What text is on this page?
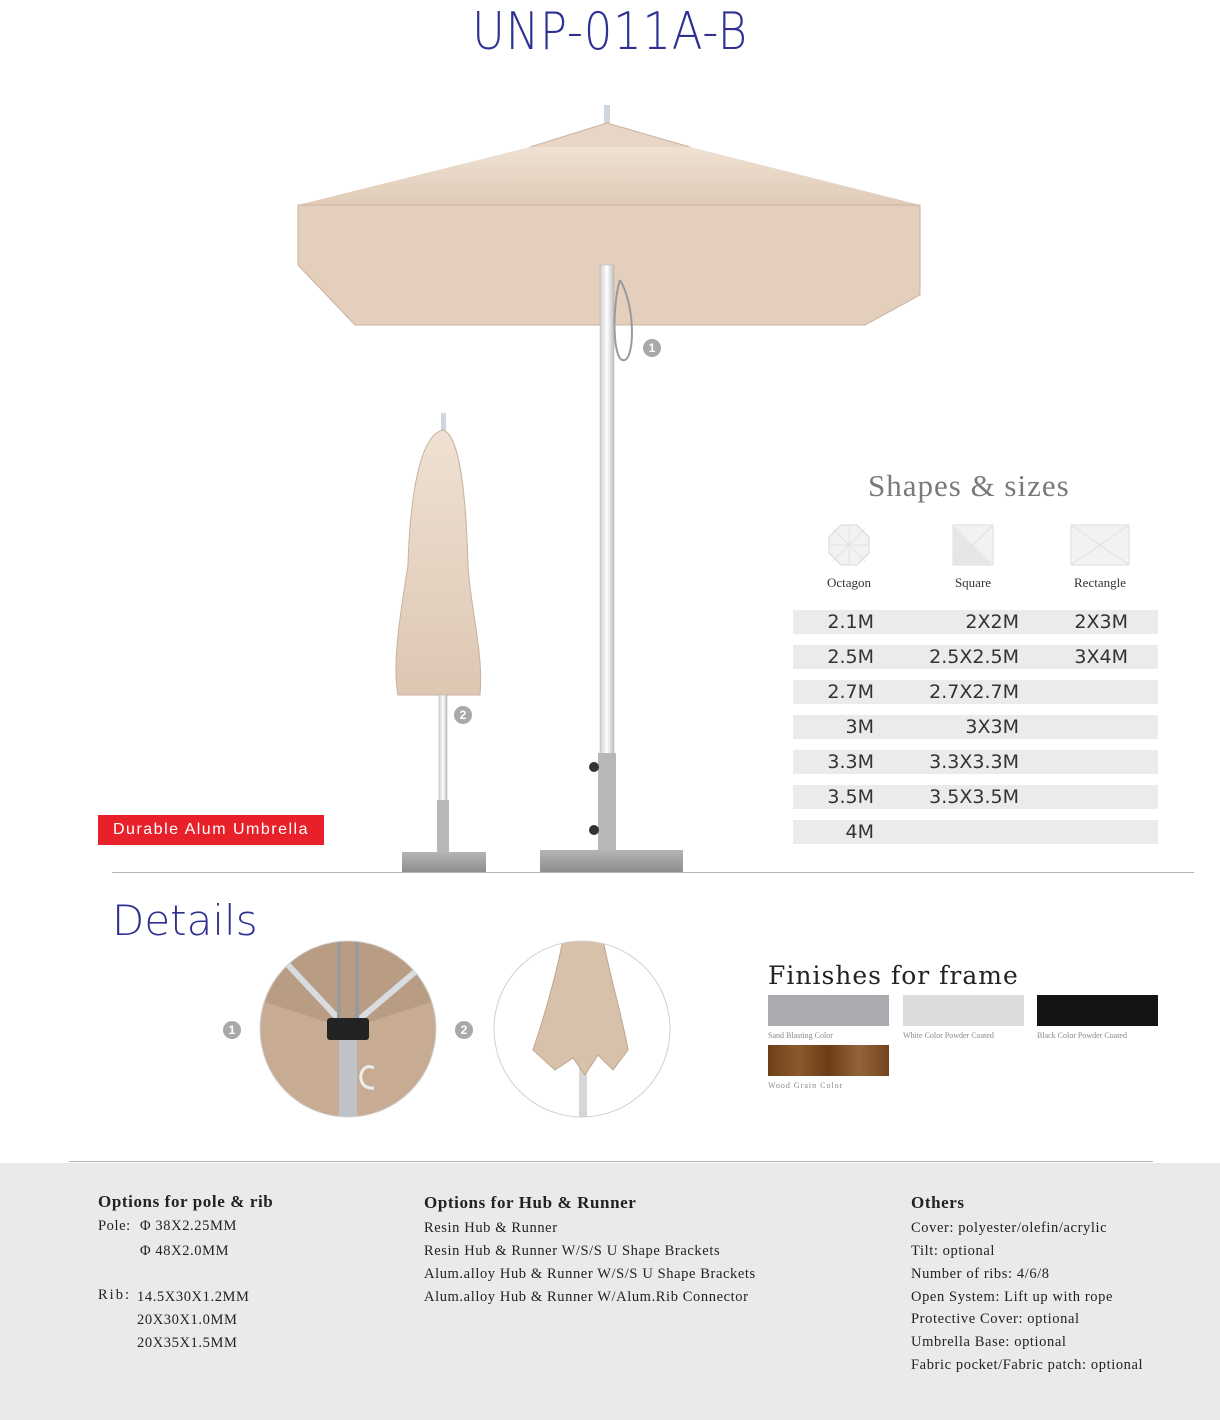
UNP-011A-B
1
2
Shapes & sizes
Octagon	Square	Rectangle
2.1M	2X2M	2X3M
2.5M	2.5X2.5M	3X4M
2.7M	2.7X2.7M
3M	3X3M
3.3M	3.3X3.3M
3.5M	3.5X3.5M
4M
Durable Alum Umbrella
Details
1	2
Finishes for frame
Sand Blasting Color	White Color Powder Coated	Black Color Powder Coated
Wood Grain Color
Options for pole & rib
Pole: Φ 38X2.25MM
Φ 48X2.0MM
Rib: 14.5X30X1.2MM
20X30X1.0MM
20X35X1.5MM
Options for Hub & Runner
Resin Hub & Runner
Resin Hub & Runner W/S/S U Shape Brackets
Alum.alloy Hub & Runner W/S/S U Shape Brackets
Alum.alloy Hub & Runner W/Alum.Rib Connector
Others
Cover: polyester/olefin/acrylic
Tilt: optional
Number of ribs: 4/6/8
Open System: Lift up with rope
Protective Cover: optional
Umbrella Base: optional
Fabric pocket/Fabric patch: optional
